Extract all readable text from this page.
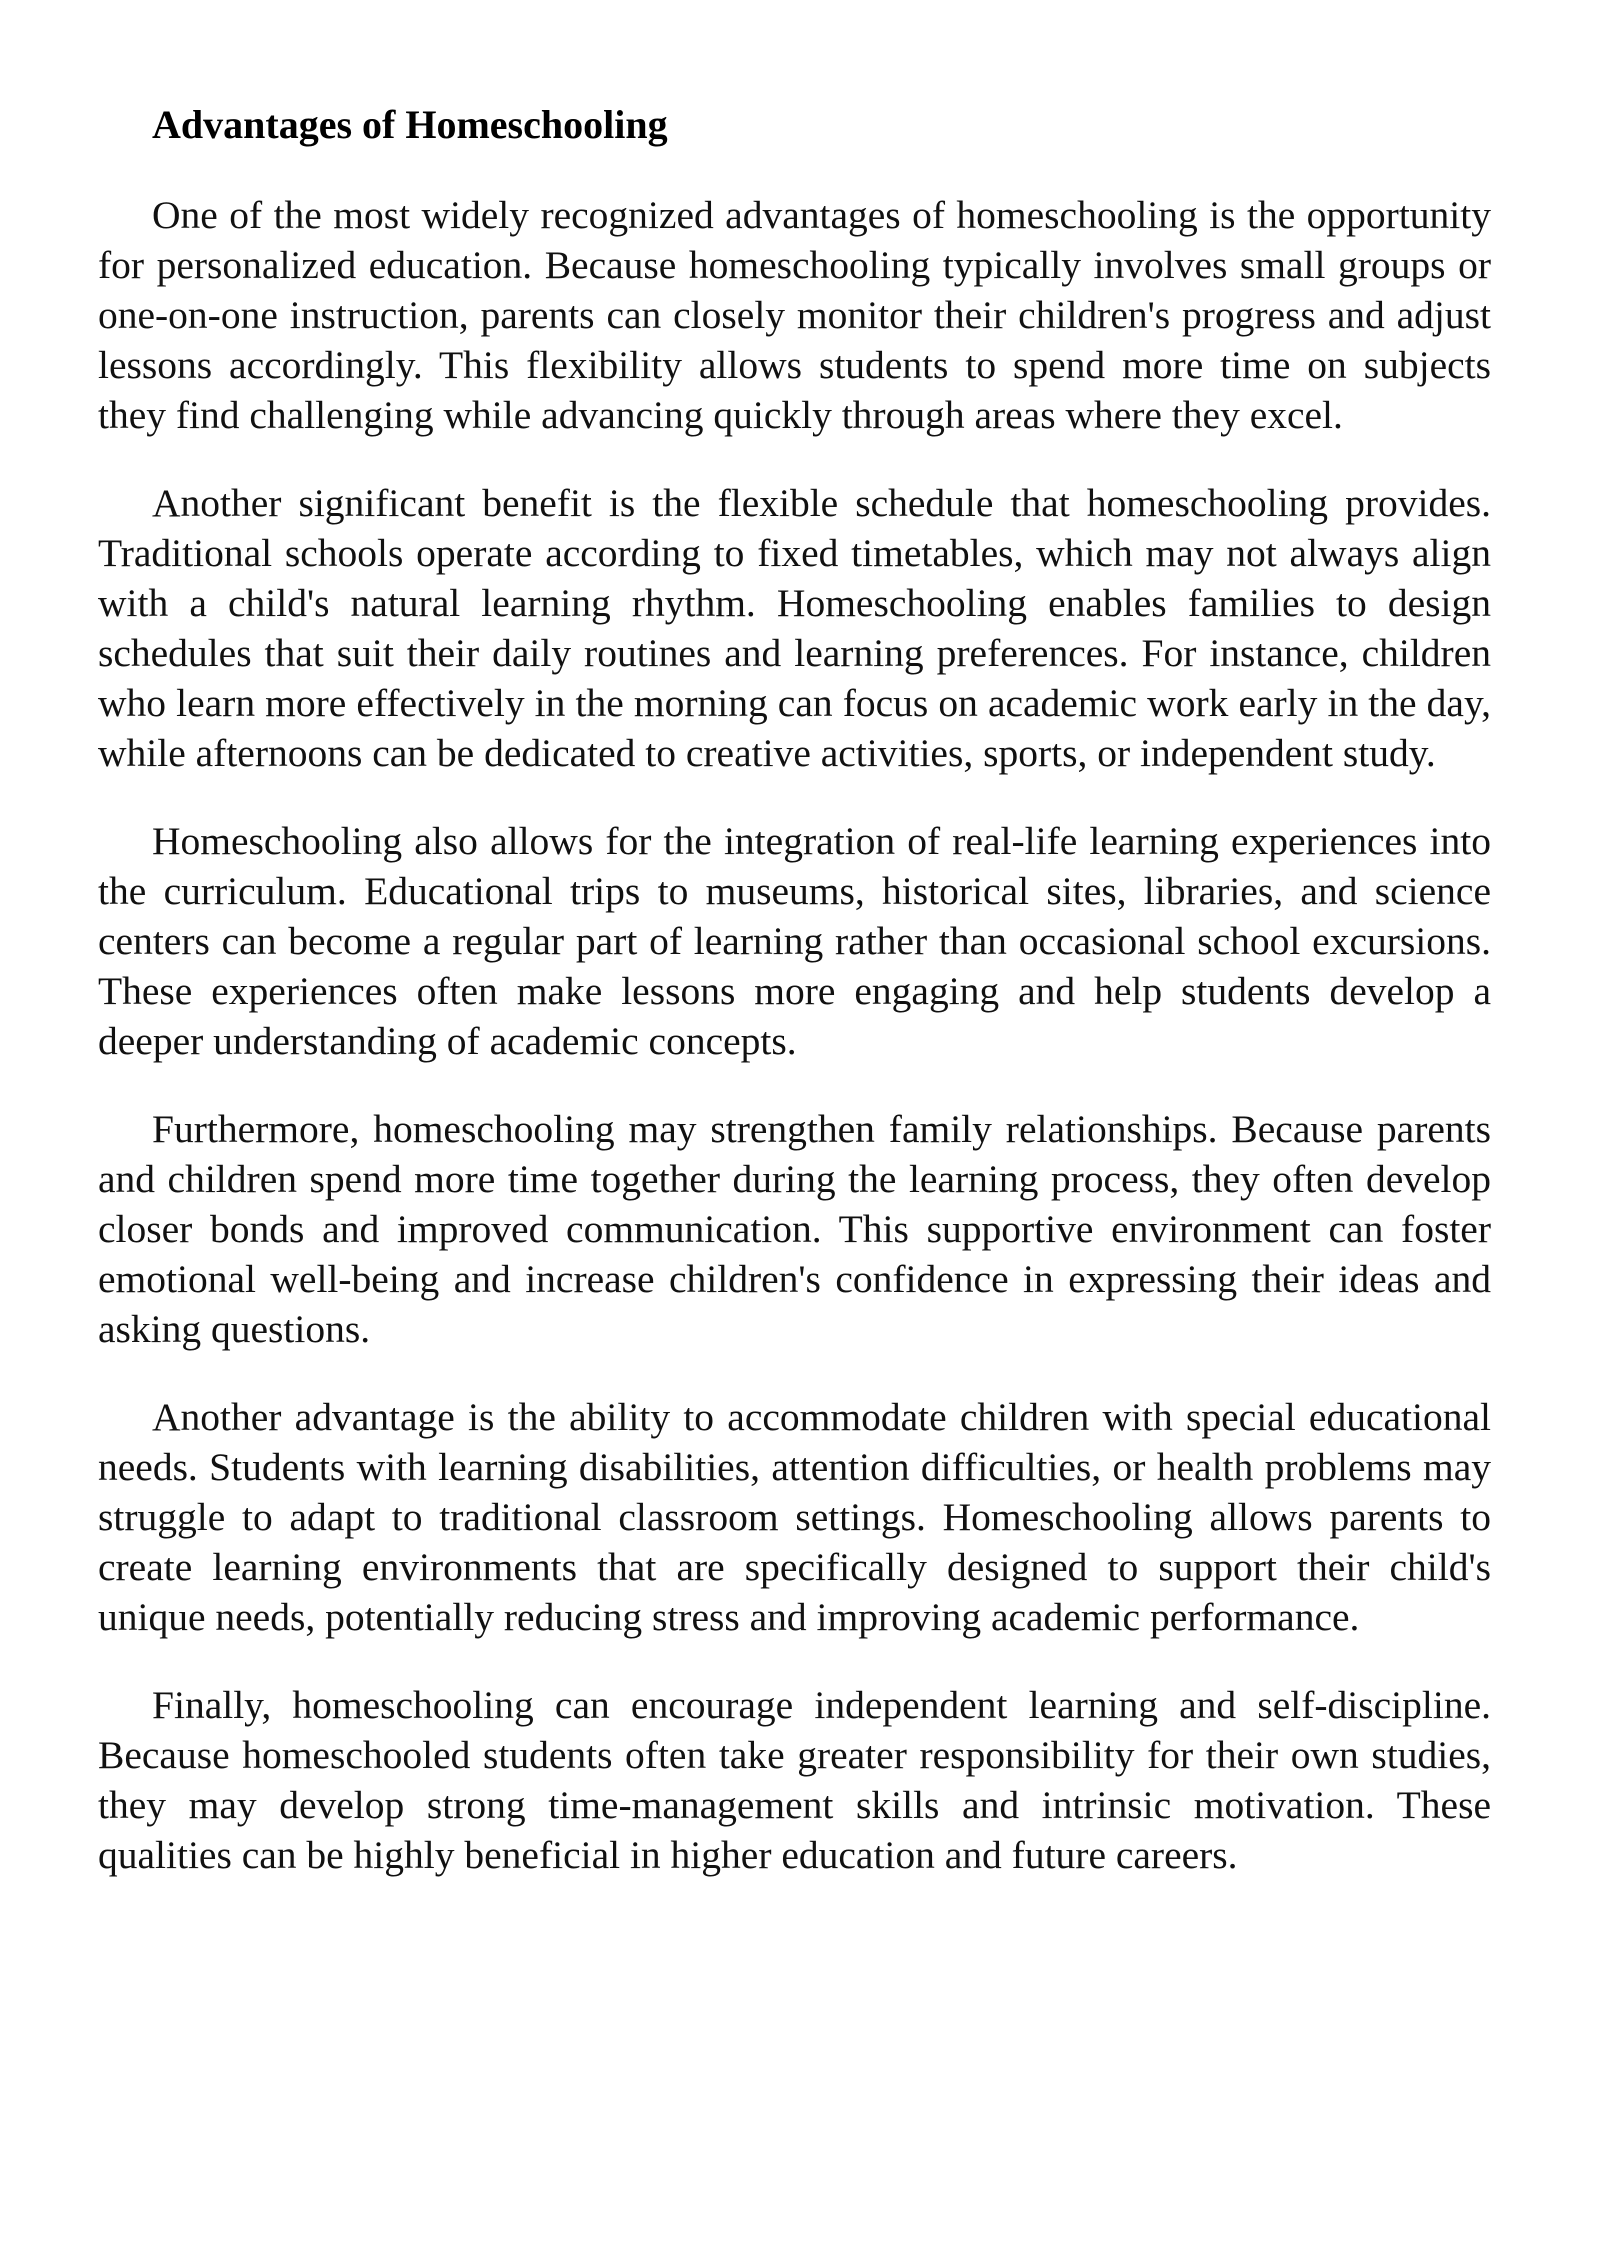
Advantages of Homeschooling

One of the most widely recognized advantages of homeschooling is the opportunity for personalized education. Because homeschooling typically involves small groups or one-on-one instruction, parents can closely monitor their children's progress and adjust lessons accordingly. This flexibility allows students to spend more time on subjects they find challenging while advancing quickly through areas where they excel.

Another significant benefit is the flexible schedule that homeschooling provides. Traditional schools operate according to fixed timetables, which may not always align with a child's natural learning rhythm. Homeschooling enables families to design schedules that suit their daily routines and learning preferences. For instance, children who learn more effectively in the morning can focus on academic work early in the day, while afternoons can be dedicated to creative activities, sports, or independent study.

Homeschooling also allows for the integration of real-life learning experiences into the curriculum. Educational trips to museums, historical sites, libraries, and science centers can become a regular part of learning rather than occasional school excursions. These experiences often make lessons more engaging and help students develop a deeper understanding of academic concepts.

Furthermore, homeschooling may strengthen family relationships. Because parents and children spend more time together during the learning process, they often develop closer bonds and improved communication. This supportive environment can foster emotional well-being and increase children's confidence in expressing their ideas and asking questions.

Another advantage is the ability to accommodate children with special educational needs. Students with learning disabilities, attention difficulties, or health problems may struggle to adapt to traditional classroom settings. Homeschooling allows parents to create learning environments that are specifically designed to support their child's unique needs, potentially reducing stress and improving academic performance.

Finally, homeschooling can encourage independent learning and self-discipline. Because homeschooled students often take greater responsibility for their own studies, they may develop strong time-management skills and intrinsic motivation. These qualities can be highly beneficial in higher education and future careers.
